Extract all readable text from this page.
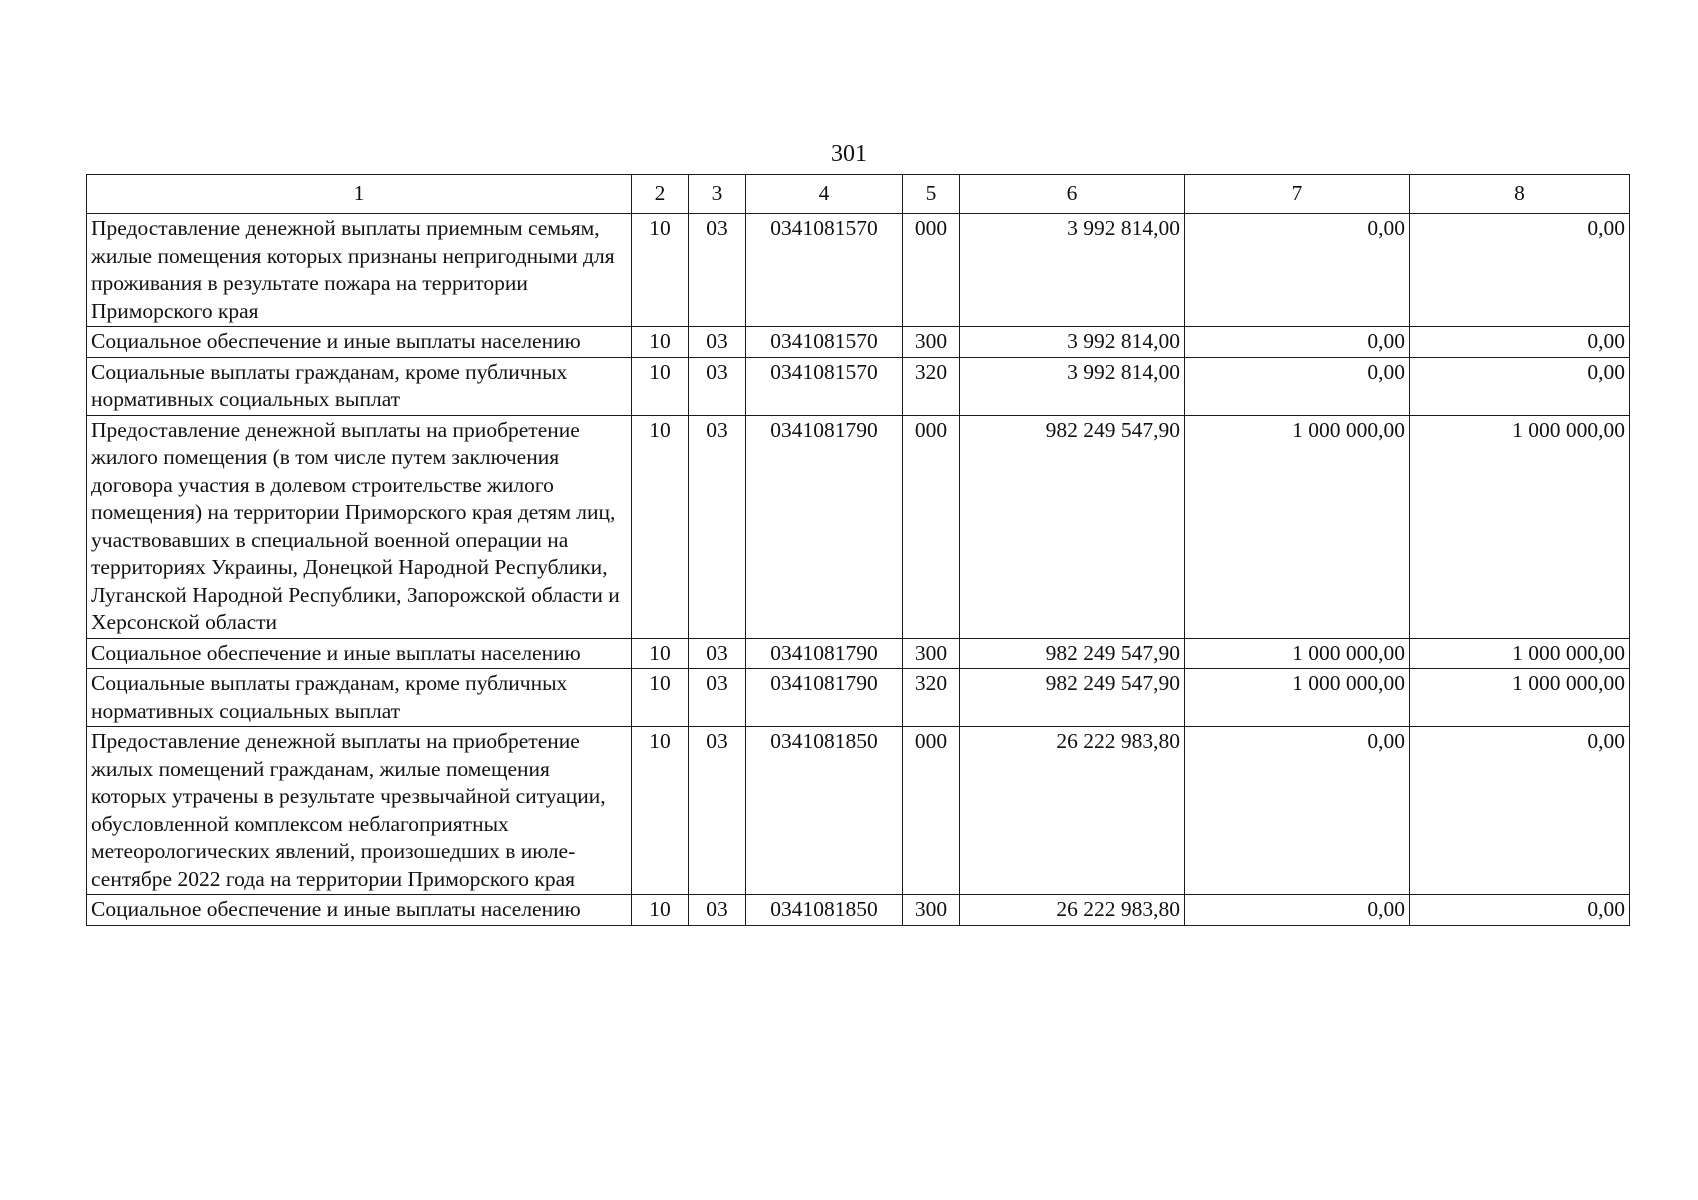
301
1	2	3	4	5	6	7	8
Предоставление денежной выплаты приемным семьям, жилые помещения которых признаны непригодными для проживания в результате пожара на территории Приморского края	10	03	0341081570	000	3 992 814,00	0,00	0,00
Социальное обеспечение и иные выплаты населению	10	03	0341081570	300	3 992 814,00	0,00	0,00
Социальные выплаты гражданам, кроме публичных нормативных социальных выплат	10	03	0341081570	320	3 992 814,00	0,00	0,00
Предоставление денежной выплаты на приобретение жилого помещения (в том числе путем заключения договора участия в долевом строительстве жилого помещения) на территории Приморского края детям лиц, участвовавших в специальной военной операции на территориях Украины, Донецкой Народной Республики, Луганской Народной Республики, Запорожской области и Херсонской области	10	03	0341081790	000	982 249 547,90	1 000 000,00	1 000 000,00
Социальное обеспечение и иные выплаты населению	10	03	0341081790	300	982 249 547,90	1 000 000,00	1 000 000,00
Социальные выплаты гражданам, кроме публичных нормативных социальных выплат	10	03	0341081790	320	982 249 547,90	1 000 000,00	1 000 000,00
Предоставление денежной выплаты на приобретение жилых помещений гражданам, жилые помещения которых утрачены в результате чрезвычайной ситуации, обусловленной комплексом неблагоприятных метеорологических явлений, произошедших в июле-сентябре 2022 года на территории Приморского края	10	03	0341081850	000	26 222 983,80	0,00	0,00
Социальное обеспечение и иные выплаты населению	10	03	0341081850	300	26 222 983,80	0,00	0,00
